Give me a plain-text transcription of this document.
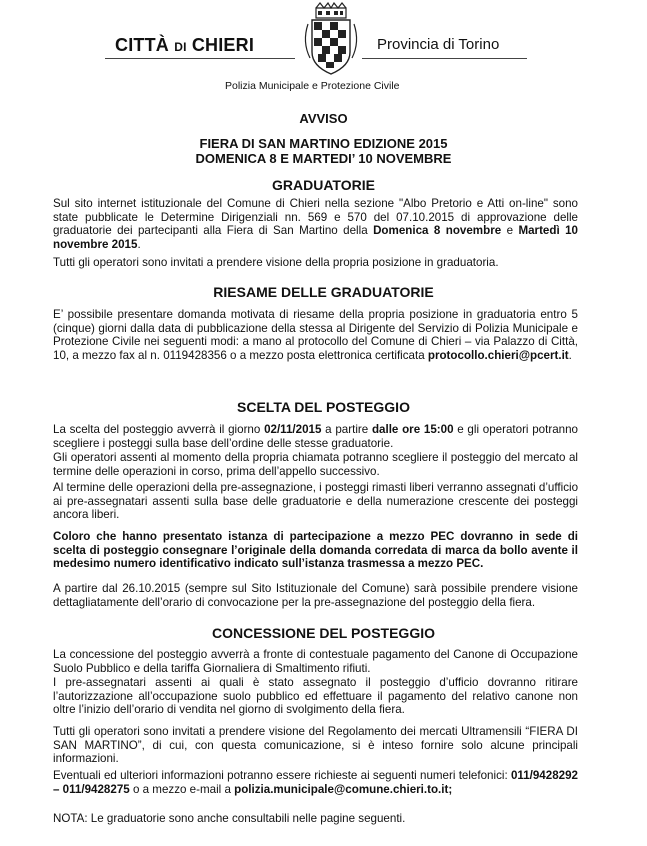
CITTÀ DI CHIERI	Provincia di Torino
Polizia Municipale e Protezione Civile
AVVISO
FIERA DI SAN MARTINO EDIZIONE 2015
DOMENICA 8 E MARTEDI’ 10 NOVEMBRE
GRADUATORIE
Sul sito internet istituzionale del Comune di Chieri nella sezione "Albo Pretorio e Atti on-line" sono state pubblicate le Determine Dirigenziali nn. 569 e 570 del 07.10.2015 di approvazione delle graduatorie dei partecipanti alla Fiera di San Martino della Domenica 8 novembre e Martedì 10 novembre 2015.
Tutti gli operatori sono invitati a prendere visione della propria posizione in graduatoria.
RIESAME DELLE GRADUATORIE
E’ possibile presentare domanda motivata di riesame della propria posizione in graduatoria entro 5 (cinque) giorni dalla data di pubblicazione della stessa al Dirigente del Servizio di Polizia Municipale e Protezione Civile nei seguenti modi: a mano al protocollo del Comune di Chieri – via Palazzo di Città, 10, a mezzo fax al n. 0119428356 o a mezzo posta elettronica certificata protocollo.chieri@pcert.it.
SCELTA DEL POSTEGGIO
La scelta del posteggio avverrà il giorno 02/11/2015 a partire dalle ore 15:00 e gli operatori potranno scegliere i posteggi sulla base dell’ordine delle stesse graduatorie.
Gli operatori assenti al momento della propria chiamata potranno scegliere il posteggio del mercato al termine delle operazioni in corso, prima dell’appello successivo.
Al termine delle operazioni della pre-assegnazione, i posteggi rimasti liberi verranno assegnati d’ufficio ai pre-assegnatari assenti sulla base delle graduatorie e della numerazione crescente dei posteggi ancora liberi.
Coloro che hanno presentato istanza di partecipazione a mezzo PEC dovranno in sede di scelta di posteggio consegnare l’originale della domanda corredata di marca da bollo avente il medesimo numero identificativo indicato sull’istanza trasmessa a mezzo PEC.
A partire dal 26.10.2015 (sempre sul Sito Istituzionale del Comune) sarà possibile prendere visione dettagliatamente dell’orario di convocazione per la pre-assegnazione del posteggio della fiera.
CONCESSIONE DEL POSTEGGIO
La concessione del posteggio avverrà a fronte di contestuale pagamento del Canone di Occupazione Suolo Pubblico e della tariffa Giornaliera di Smaltimento rifiuti.
I pre-assegnatari assenti ai quali è stato assegnato il posteggio d’ufficio dovranno ritirare l’autorizzazione all’occupazione suolo pubblico ed effettuare il pagamento del relativo canone non oltre l’inizio dell’orario di vendita nel giorno di svolgimento della fiera.
Tutti gli operatori sono invitati a prendere visione del Regolamento dei mercati Ultramensili “FIERA DI SAN MARTINO”, di cui, con questa comunicazione, si è inteso fornire solo alcune principali informazioni.
Eventuali ed ulteriori informazioni potranno essere richieste ai seguenti numeri telefonici: 011/9428292 – 011/9428275 o a mezzo e-mail a polizia.municipale@comune.chieri.to.it;
NOTA: Le graduatorie sono anche consultabili nelle pagine seguenti.
